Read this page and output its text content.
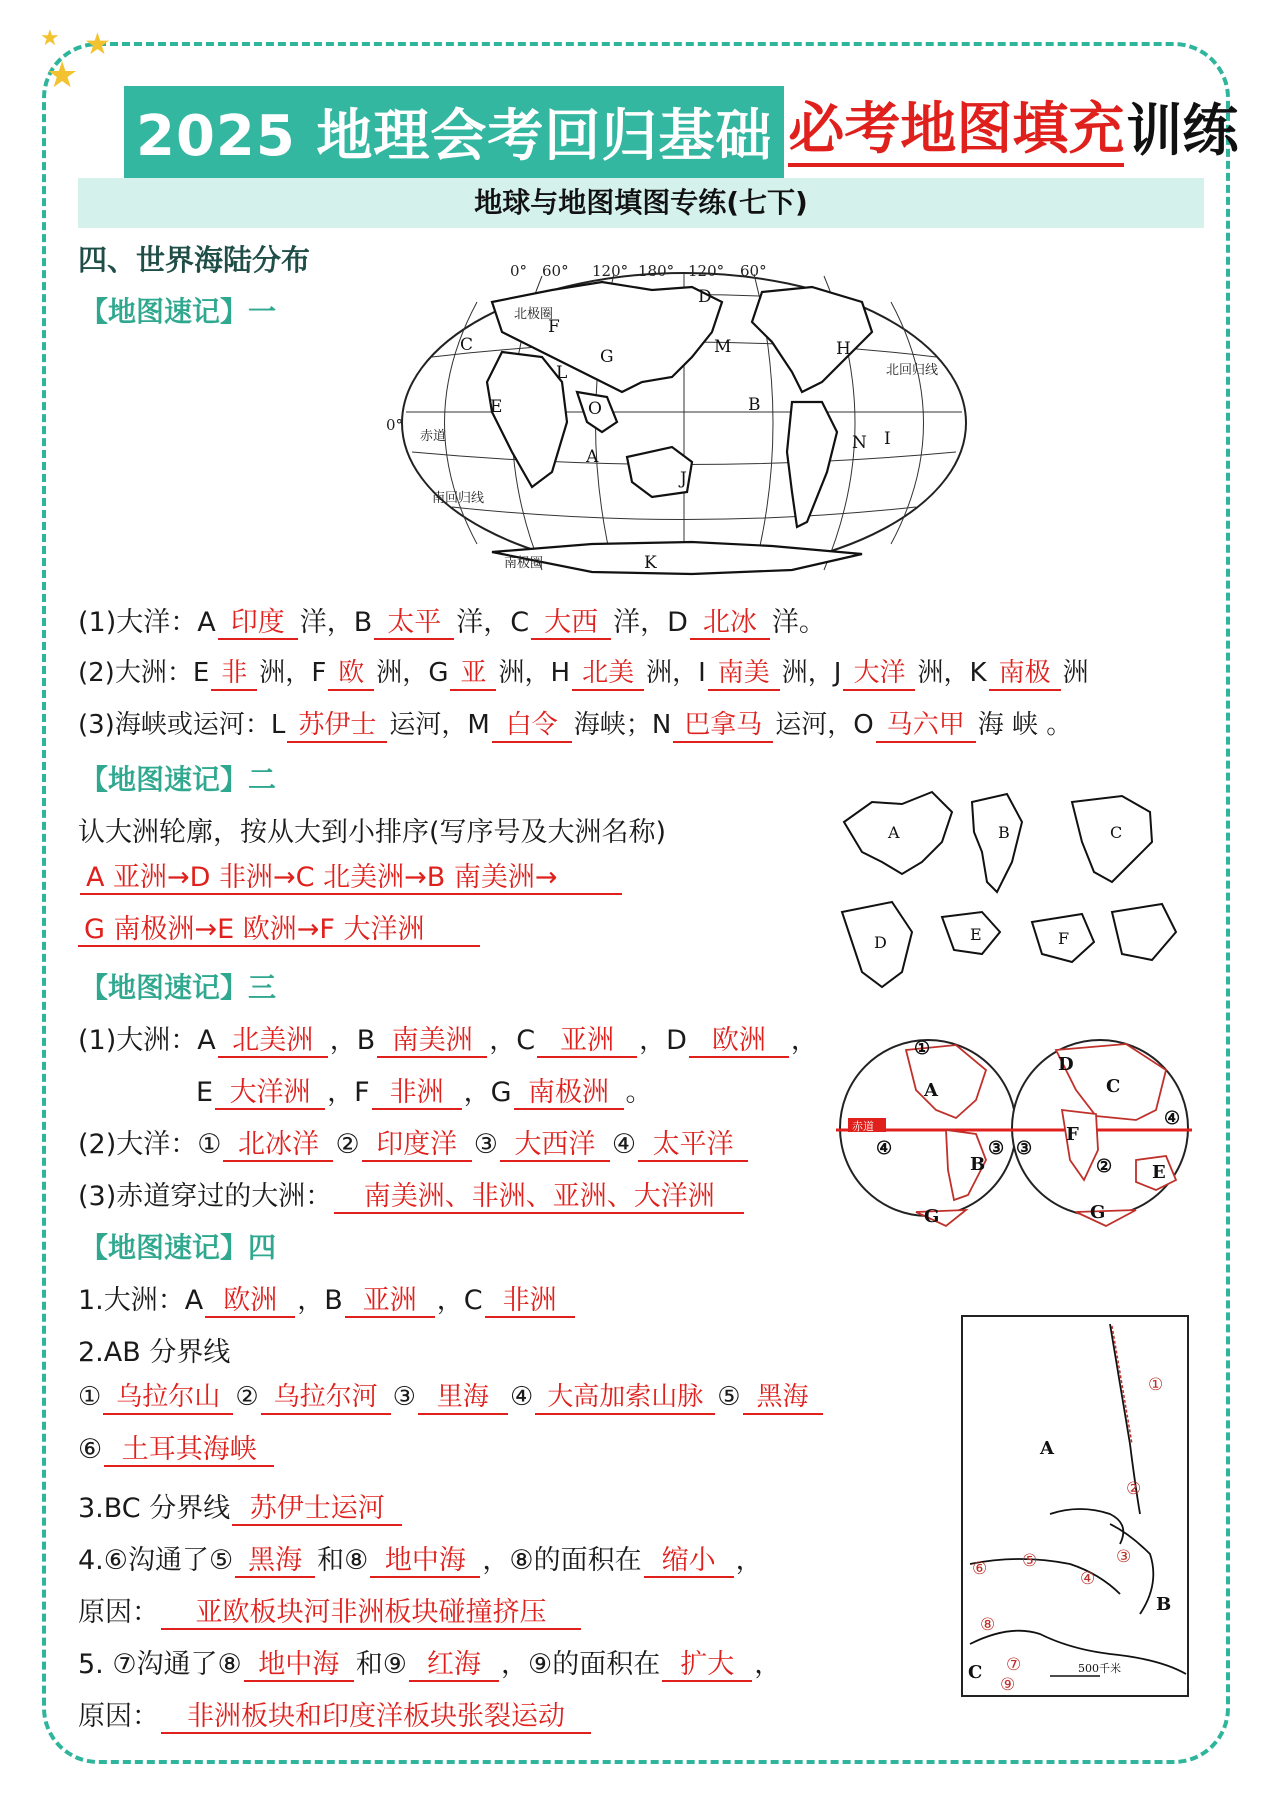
★ ★
★
2025 地理会考回归基础 必考地图填充训练
地球与地图填图专练(七下)
四、世界海陆分布
【地图速记】一
0° 60° 120° 180° 120° 60°
0°
北极圈
北回归线
赤道
南回归线
南极圈
A
B
C
D
E
F
G	H
I
J
K
L
M
N
O
(1)大洋：A 印度 洋，B 太平 洋，C 大西 洋，D 北冰 洋。
(2)大洲：E 非 洲，F 欧 洲，G 亚 洲，H 北美 洲，I 南美 洲，J 大洋 洲，K 南极 洲
(3)海峡或运河：L 苏伊士 运河，M 白令 海峡；N 巴拿马 运河，O 马六甲 海 峡 。
【地图速记】二
认大洲轮廓，按从大到小排序(写序号及大洲名称)
A 亚洲→D 非洲→C 北美洲→B 南美洲→
G 南极洲→E 欧洲→F 大洋洲
A	B	C
D	E	F
【地图速记】三
(1)大洲：A 北美洲 ，B 南美洲 ，C 亚洲 ，D 欧洲 ，
E 大洋洲 ，F 非洲 ，G 南极洲 。
(2)大洋：① 北冰洋 ② 印度洋 ③ 大西洋 ④ 太平洋
(3)赤道穿过的大洲： 南美洲、非洲、亚洲、大洋洲
赤道
①
A
B
G
④	③
D
C
F
② E
④
③
G
【地图速记】四
1.大洲：A 欧洲 ，B 亚洲 ，C 非洲
2.AB 分界线
① 乌拉尔山 ② 乌拉尔河 ③ 里海 ④ 大高加索山脉 ⑤ 黑海
⑥ 土耳其海峡
3.BC 分界线 苏伊士运河
4.⑥沟通了⑤ 黑海 和⑧ 地中海 ，⑧的面积在 缩小 ，
原因： 亚欧板块河非洲板块碰撞挤压
5. ⑦沟通了⑧ 地中海 和⑨ 红海 ，⑨的面积在 扩大 ，
原因： 非洲板块和印度洋板块张裂运动
A
B
C
①
②
③
④
⑤
⑥
⑦
⑧
⑨
500千米
